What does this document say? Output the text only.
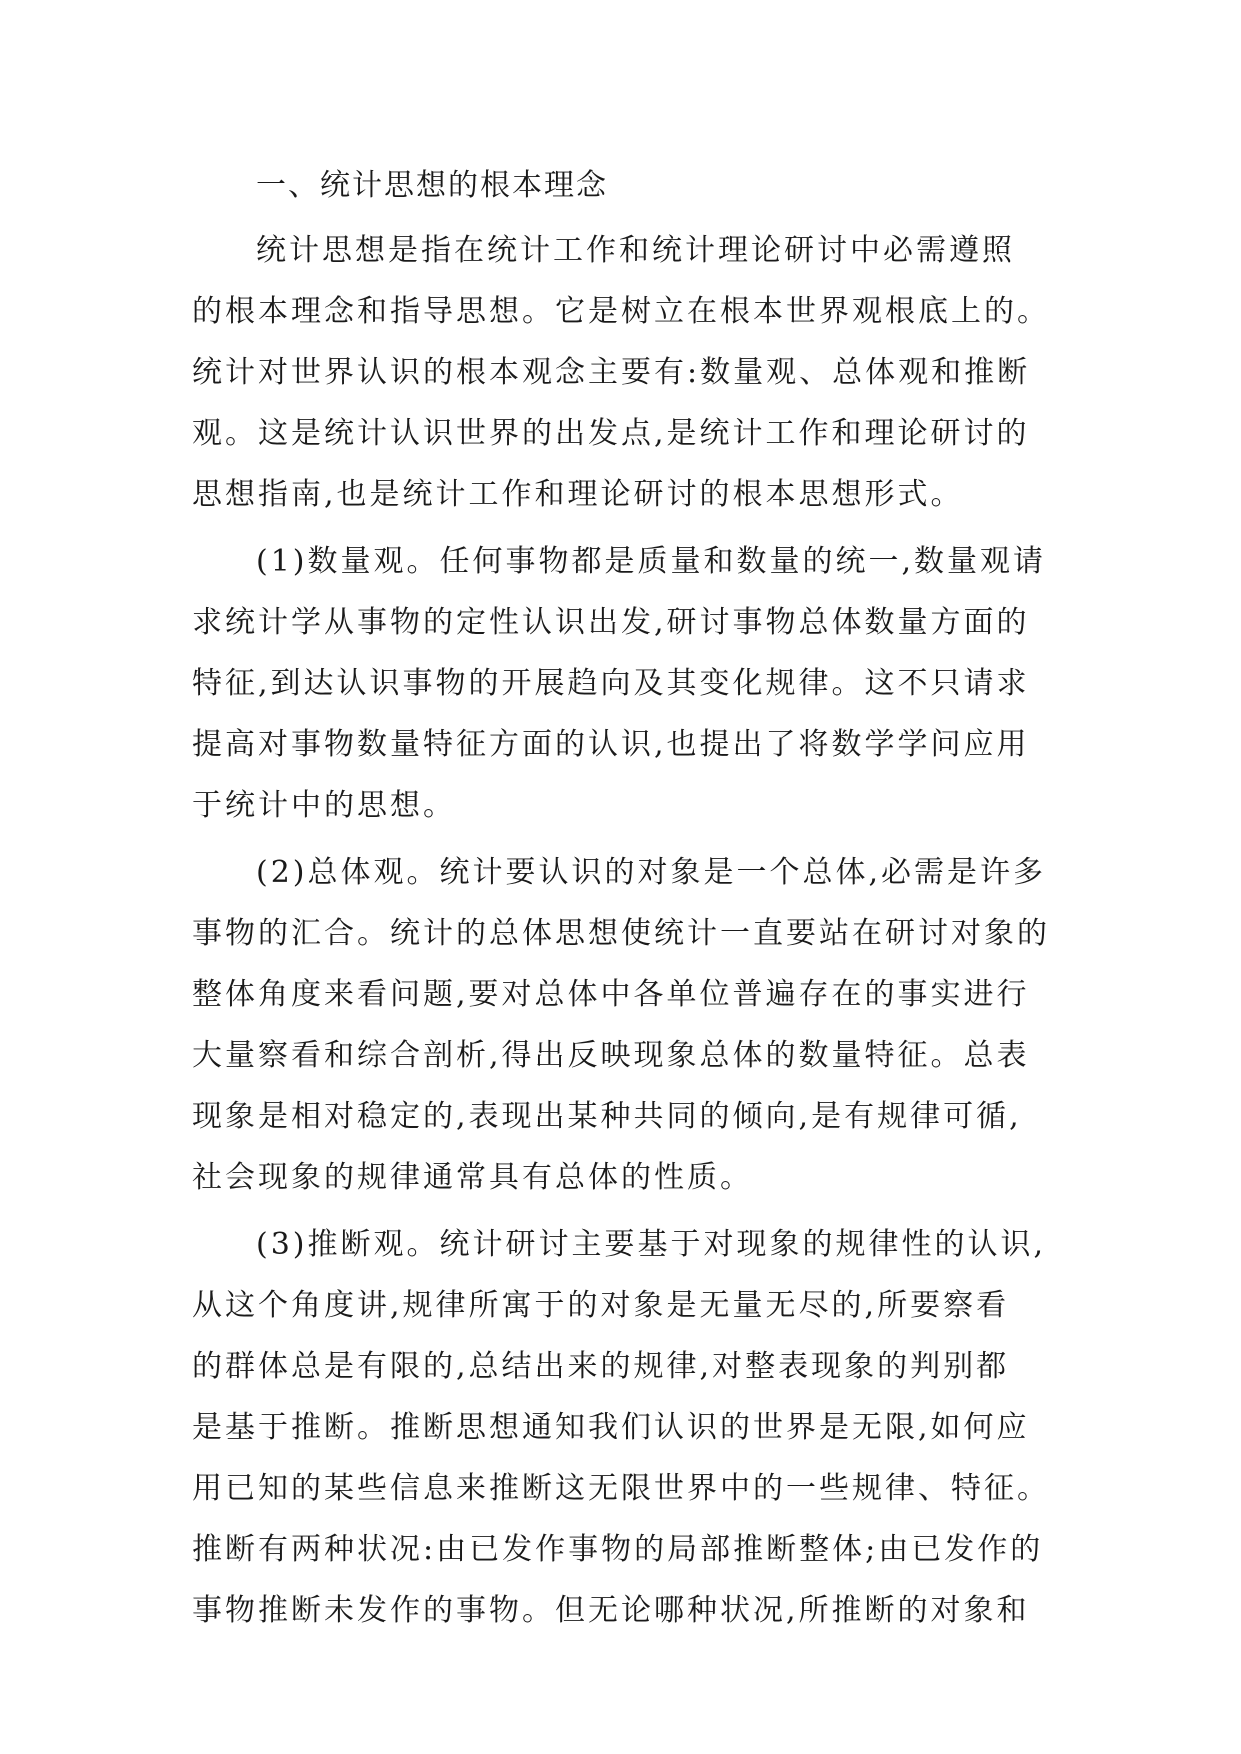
一、统计思想的根本理念
统计思想是指在统计工作和统计理论研讨中必需遵照
的根本理念和指导思想。它是树立在根本世界观根底上的。
统计对世界认识的根本观念主要有:数量观、总体观和推断
观。这是统计认识世界的出发点,是统计工作和理论研讨的
思想指南,也是统计工作和理论研讨的根本思想形式。
(1)数量观。任何事物都是质量和数量的统一,数量观请
求统计学从事物的定性认识出发,研讨事物总体数量方面的
特征,到达认识事物的开展趋向及其变化规律。这不只请求
提高对事物数量特征方面的认识,也提出了将数学学问应用
于统计中的思想。
(2)总体观。统计要认识的对象是一个总体,必需是许多
事物的汇合。统计的总体思想使统计一直要站在研讨对象的
整体角度来看问题,要对总体中各单位普遍存在的事实进行
大量察看和综合剖析,得出反映现象总体的数量特征。总表
现象是相对稳定的,表现出某种共同的倾向,是有规律可循,
社会现象的规律通常具有总体的性质。
(3)推断观。统计研讨主要基于对现象的规律性的认识,
从这个角度讲,规律所寓于的对象是无量无尽的,所要察看
的群体总是有限的,总结出来的规律,对整表现象的判别都
是基于推断。推断思想通知我们认识的世界是无限,如何应
用已知的某些信息来推断这无限世界中的一些规律、特征。
推断有两种状况:由已发作事物的局部推断整体;由已发作的
事物推断未发作的事物。但无论哪种状况,所推断的对象和
